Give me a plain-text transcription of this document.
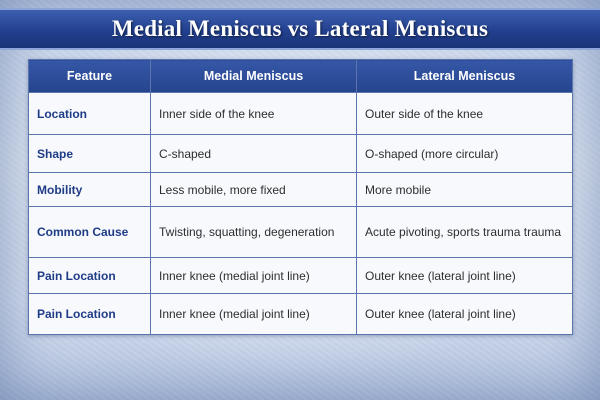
Medial Meniscus vs Lateral Meniscus
Feature	Medial Meniscus	Lateral Meniscus
Location	Inner side of the knee	Outer side of the knee
Shape	C-shaped	O-shaped (more circular)
Mobility	Less mobile, more fixed	More mobile
Common Cause	Twisting, squatting, degeneration	Acute pivoting, sports trauma trauma
Pain Location	Inner knee (medial joint line)	Outer knee (lateral joint line)
Pain Location	Inner knee (medial joint line)	Outer knee (lateral joint line)
